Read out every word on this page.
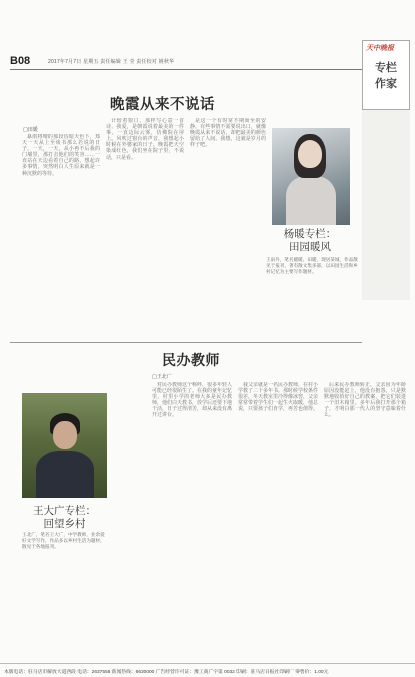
B08	2017年7月7日 星期五 责任编辑 王 莹 责任校对 姚秋华
天中晚报
专栏
作家
晚霞从来不说话
□田暖

暴雨将晴的那段昏暗天色下，郑天一天从上至谈书那么若说的日子。一天，一天，从小再不后我的门墙里，那打击他们的笑容……一直站在天边看着自己的路，想起许多事情，突然明白人生原来就是一种沉默的等待。

计较着窗口，那样写心意一首诗。我爱，是朝霞说着最美的一件事。一直边际云雾，仿佛院在屏上。风吹过窗台的声音，我想起小时候在外婆家的日子。晚霞把天空染成红色，我们坐在院子里，不说话，只是看。

是这一个有时常不期而至的安静，有些事情不需要说出口，就像晚霞从来不说话，却把最美的颜色留给了人间。我想，这就是岁月的样子吧。

杨暖专栏：
田园暖风
王雨丹，笔名暖暖、田暖，现居某城，作品散见于报刊，著有散文集多部，以田园生活和乡村记忆为主要写作题材。
民办教师
□王北广
王大广专栏：
回望乡村
王北广，笔名王大广，中学教师，业余爱好文学写作，作品多以乡村生活为题材，散见于各地报刊。

对民办教师这个称呼，很多年轻人可能已经很陌生了。在我的童年记忆里，村里小学的老师大多是民办教师，他们白天教书，放学后还要下地干活，日子过得清苦，却从来没有离开过讲台。

我父亲就是一名民办教师，在村小学教了二十多年书。那时候学校条件很差，冬天教室里冷得像冰窖，父亲常常带着学生们一起生火取暖，他总说，只要孩子们肯学，再苦也值得。

后来民办教师转正，父亲因为年龄原因没能赶上，他没有抱怨，只是默默地收拾好自己的教案，把它们装进一个旧木箱里。多年后我打开那个箱子，才明白那一代人的坚守意味着什么。

本版电话：驻马店市解放大道西段 电话：2637558 新闻热线：6630000 广告经营许可证：豫工商广字第 0032 印刷：驻马店日报社印刷厂 零售价：1.00元
